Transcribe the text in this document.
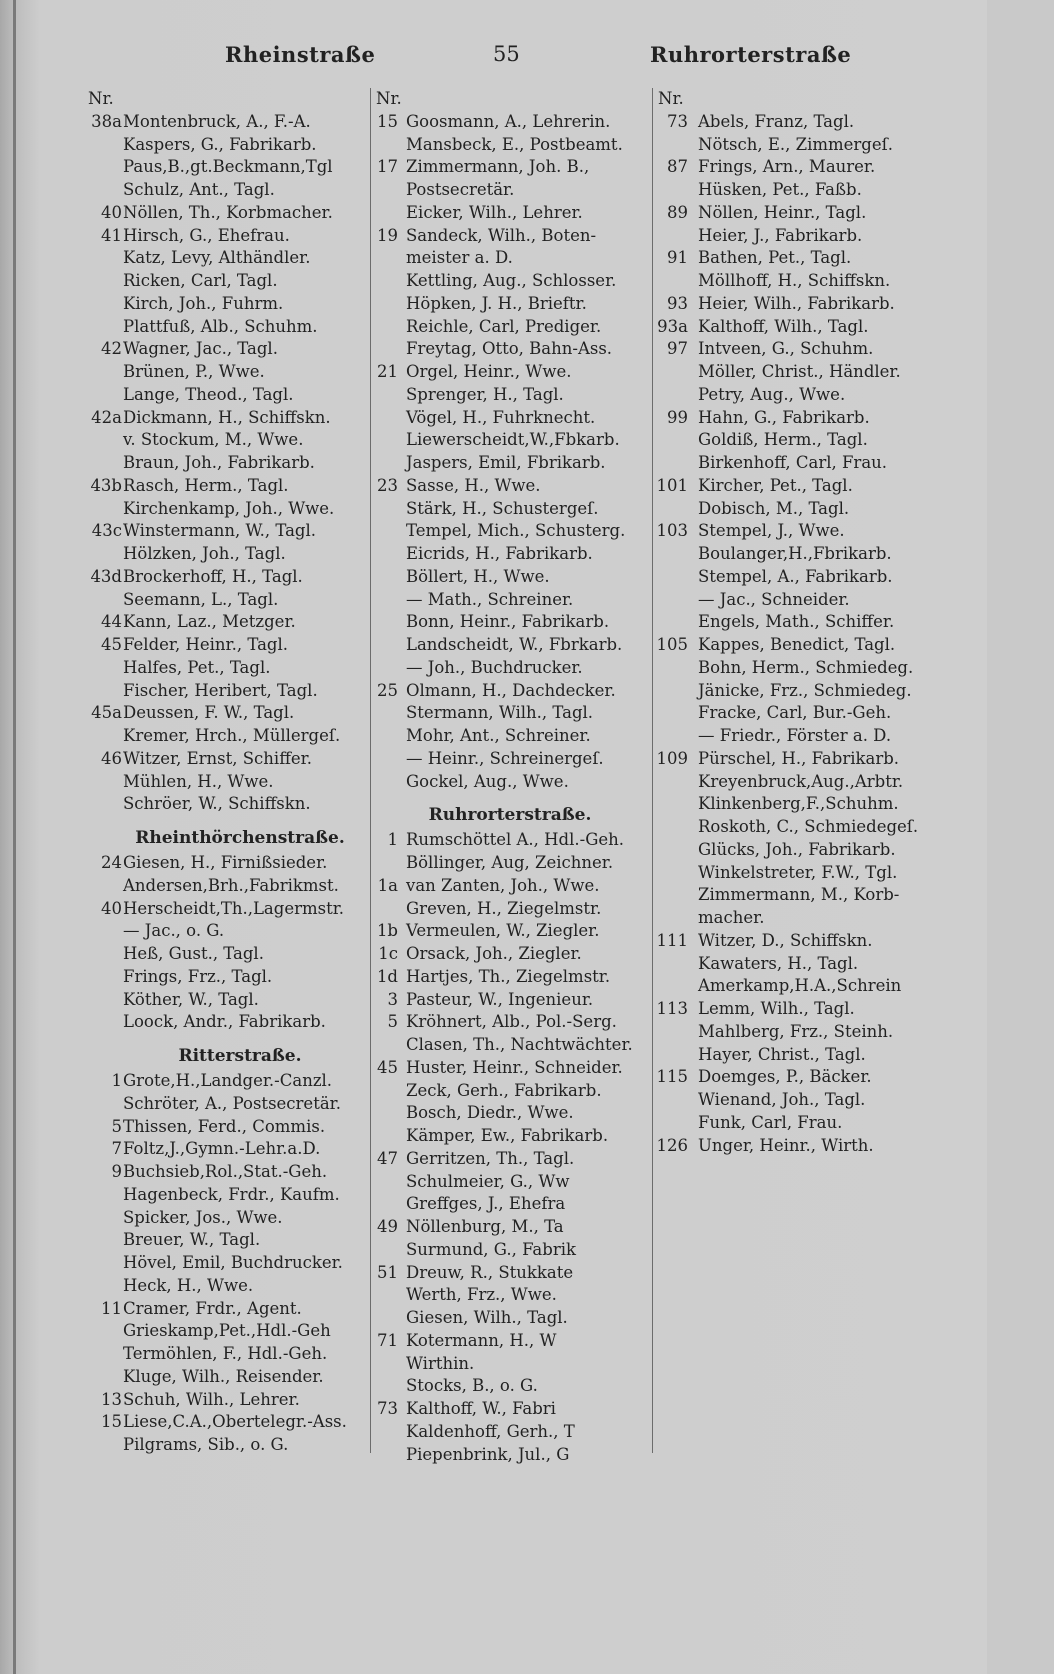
Rheinstraße	55	Ruhrorterstraße
Nr.
38a Montenbruck, A., F.-A.
Kaspers, G., Fabrikarb.
Paus,B.,gt.Beckmann,Tgl
Schulz, Ant., Tagl.
40 Nöllen, Th., Korbmacher.
41 Hirsch, G., Ehefrau.
Katz, Levy, Althändler.
Ricken, Carl, Tagl.
Kirch, Joh., Fuhrm.
Plattfuß, Alb., Schuhm.
42 Wagner, Jac., Tagl.
Brünen, P., Wwe.
Lange, Theod., Tagl.
42a Dickmann, H., Schiffskn.
v. Stockum, M., Wwe.
Braun, Joh., Fabrikarb.
43b Rasch, Herm., Tagl.
Kirchenkamp, Joh., Wwe.
43c Winstermann, W., Tagl.
Hölzken, Joh., Tagl.
43d Brockerhoff, H., Tagl.
Seemann, L., Tagl.
44 Kann, Laz., Metzger.
45 Felder, Heinr., Tagl.
Halfes, Pet., Tagl.
Fischer, Heribert, Tagl.
45a Deussen, F. W., Tagl.
Kremer, Hrch., Müllergeſ.
46 Witzer, Ernst, Schiffer.
Mühlen, H., Wwe.
Schröer, W., Schiffskn.
Rheinthörchenstraße.
24 Giesen, H., Firnißsieder.
Andersen,Brh.,Fabrikmst.
40 Herscheidt,Th.,Lagermstr.
— Jac., o. G.
Heß, Gust., Tagl.
Frings, Frz., Tagl.
Köther, W., Tagl.
Loock, Andr., Fabrikarb.
Ritterstraße.
1 Grote,H.,Landger.-Canzl.
Schröter, A., Postsecretär.
5 Thissen, Ferd., Commis.
7 Foltz,J.,Gymn.-Lehr.a.D.
9 Buchsieb,Rol.,Stat.-Geh.
Hagenbeck, Frdr., Kaufm.
Spicker, Jos., Wwe.
Breuer, W., Tagl.
Hövel, Emil, Buchdrucker.
Heck, H., Wwe.
11 Cramer, Frdr., Agent.
Grieskamp,Pet.,Hdl.-Geh
Termöhlen, F., Hdl.-Geh.
Kluge, Wilh., Reisender.
13 Schuh, Wilh., Lehrer.
15 Liese,C.A.,Obertelegr.-Ass.
Pilgrams, Sib., o. G.
Nr.
15 Goosmann, A., Lehrerin.
Mansbeck, E., Postbeamt.
17 Zimmermann, Joh. B.,
Postsecretär.
Eicker, Wilh., Lehrer.
19 Sandeck, Wilh., Boten-
meister a. D.
Kettling, Aug., Schlosser.
Höpken, J. H., Brieftr.
Reichle, Carl, Prediger.
Freytag, Otto, Bahn-Ass.
21 Orgel, Heinr., Wwe.
Sprenger, H., Tagl.
Vögel, H., Fuhrknecht.
Liewerscheidt,W.,Fbkarb.
Jaspers, Emil, Fbrikarb.
23 Sasse, H., Wwe.
Stärk, H., Schustergeſ.
Tempel, Mich., Schusterg.
Eicrids, H., Fabrikarb.
Böllert, H., Wwe.
— Math., Schreiner.
Bonn, Heinr., Fabrikarb.
Landscheidt, W., Fbrkarb.
— Joh., Buchdrucker.
25 Olmann, H., Dachdecker.
Stermann, Wilh., Tagl.
Mohr, Ant., Schreiner.
— Heinr., Schreinergeſ.
Gockel, Aug., Wwe.
Ruhrorterstraße.
1 Rumschöttel A., Hdl.-Geh.
Böllinger, Aug, Zeichner.
1a van Zanten, Joh., Wwe.
Greven, H., Ziegelmstr.
1b Vermeulen, W., Ziegler.
1c Orsack, Joh., Ziegler.
1d Hartjes, Th., Ziegelmstr.
3 Pasteur, W., Ingenieur.
5 Kröhnert, Alb., Pol.-Serg.
Clasen, Th., Nachtwächter.
45 Huster, Heinr., Schneider.
Zeck, Gerh., Fabrikarb.
Bosch, Diedr., Wwe.
Kämper, Ew., Fabrikarb.
47 Gerritzen, Th., Tagl.
Schulmeier, G., Ww
Greffges, J., Ehefra
49 Nöllenburg, M., Ta
Surmund, G., Fabrik
51 Dreuw, R., Stukkate
Werth, Frz., Wwe.
Giesen, Wilh., Tagl.
71 Kotermann, H., W
Wirthin.
Stocks, B., o. G.
73 Kalthoff, W., Fabri
Kaldenhoff, Gerh., T
Piepenbrink, Jul., G
Nr.
73 Abels, Franz, Tagl.
Nötsch, E., Zimmergeſ.
87 Frings, Arn., Maurer.
Hüsken, Pet., Faßb.
89 Nöllen, Heinr., Tagl.
Heier, J., Fabrikarb.
91 Bathen, Pet., Tagl.
Möllhoff, H., Schiffskn.
93 Heier, Wilh., Fabrikarb.
93a Kalthoff, Wilh., Tagl.
97 Intveen, G., Schuhm.
Möller, Christ., Händler.
Petry, Aug., Wwe.
99 Hahn, G., Fabrikarb.
Goldiß, Herm., Tagl.
Birkenhoff, Carl, Frau.
101 Kircher, Pet., Tagl.
Dobisch, M., Tagl.
103 Stempel, J., Wwe.
Boulanger,H.,Fbrikarb.
Stempel, A., Fabrikarb.
— Jac., Schneider.
Engels, Math., Schiffer.
105 Kappes, Benedict, Tagl.
Bohn, Herm., Schmiedeg.
Jänicke, Frz., Schmiedeg.
Fracke, Carl, Bur.-Geh.
— Friedr., Förster a. D.
109 Pürschel, H., Fabrikarb.
Kreyenbruck,Aug.,Arbtr.
Klinkenberg,F.,Schuhm.
Roskoth, C., Schmiedegeſ.
Glücks, Joh., Fabrikarb.
Winkelstreter, F.W., Tgl.
Zimmermann, M., Korb-
macher.
111 Witzer, D., Schiffskn.
Kawaters, H., Tagl.
Amerkamp,H.A.,Schrein
113 Lemm, Wilh., Tagl.
Mahlberg, Frz., Steinh.
Hayer, Christ., Tagl.
115 Doemges, P., Bäcker.
Wienand, Joh., Tagl.
Funk, Carl, Frau.
126 Unger, Heinr., Wirth.
